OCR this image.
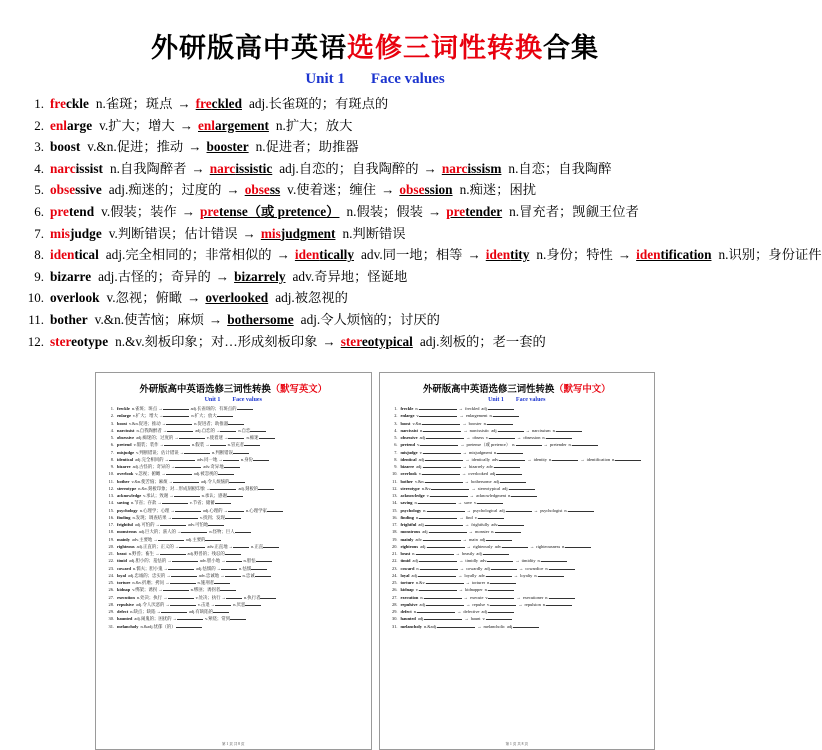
外研版高中英语选修三词性转换合集
Unit 1 Face values
1. freckle n. 雀斑；斑点 → freckled adj. 长雀斑的；有斑点的
2. enlarge v. 扩大；增大 → enlargement n. 扩大；放大
3. boost v.&n. 促进；推动 → booster n. 促进者；助推器
4. narcissist n. 自我陶醉者 → narcissistic adj. 自恋的；自我陶醉的 → narcissism n. 自恋；自我陶醉
5. obsessive adj. 痴迷的；过度的 → obsess v. 使着迷；缠住 → obsession n. 痴迷；困扰
6. pretend v. 假装；装作 → pretense（或 pretence） n. 假装；假装 → pretender n. 冒充者；觊觎王位者
7. misjudge v. 判断错误；估计错误 → misjudgment n. 判断错误
8. identical adj. 完全相同的；非常相似的 → identically adv. 同一地；相等 → identity n. 身份；特性 → identification n. 识别；身份证件
9. bizarre adj. 古怪的；奇异的 → bizarrely adv. 奇异地；怪诞地
10. overlook v. 忽视；俯瞰 → overlooked adj. 被忽视的
11. bother v.&n. 使苦恼；麻烦 → bothersome adj. 令人烦恼的；讨厌的
12. stereotype n.&v. 刻板印象；对…形成刻板印象 → stereotypical adj. 刻板的；老一套的
外研版高中英语选修三词性转换（默写英文）
Unit 1 Face values
1. freckle n.雀斑；斑点 →	adj.长雀斑的；有斑点的
2. enlarge v.扩大；增大 →	n.扩大；放大
3. boost v.&n.促进；推动 →	n.促进者；助推器
4. narcissist n.自我陶醉者 →	adj.自恋的 →	n.自恋
5. obsessive adj.痴迷的；过度的 →	v.使着迷 →	n.痴迷
6. pretend v.假装；装作 →	n.假装 →	n.冒充者
7. misjudge v.判断错误；估计错误 →	n.判断错误
8. identical adj.完全相同的 →	adv.同一地 →	n.身份
9. bizarre adj.古怪的；奇异的 →	adv.奇异地
10. overlook v.忽视；俯瞰 →	adj.被忽视的
11. bother v.&n.使苦恼；麻烦 →	adj.令人烦恼的
12. stereotype n.&v.刻板印象；对…形成刻板印象 →	adj.刻板的
13. acknowledge v.承认；致谢 →	n.承认；感谢
14. saving n.节省；存款 →	v.节省；储蓄
15. psychology n.心理学；心理 →	adj.心理的 →	n.心理学家
16. finding n.发现；调查结果 →	v.找到；发现
17. frightful adj.可怕的 →	adv.可怕地
18. monstrous adj.巨大的；骇人的 →	n.怪物；巨人
19. mainly adv.主要地 →	adj.主要的
20. righteous adj.正直的；正义的 →	adv.正直地 →	n.正直
21. beast n.野兽；畜生 →	adj.野兽的；残忍的
22. timid adj.胆小的；羞怯的 →	adv.胆小地 →	n.胆怯
23. coward n.懦夫；胆小鬼 →	adj.怯懦的 →	n.怯懦
24. loyal adj.忠诚的；忠实的 →	adv.忠诚地 →	n.忠诚
25. torture n.&v.折磨；拷问 →	n.施刑者
26. kidnap v.绑架；诱拐 →	n.绑匪；诱拐者
27. execution n.处决；执行 →	v.处决；执行 →	n.执行者
28. repulsive adj.令人厌恶的 →	v.击退 →	n.厌恶
29. defect n.缺点；缺陷 →	adj.有缺陷的
30. haunted adj.闹鬼的；困扰的 →	v.萦绕；常到
31. melancholy n.&adj.忧郁（的）
第 1 页 共 8 页
外研版高中英语选修三词性转换（默写中文）
Unit 1 Face values
1. freckle n.	→ freckled adj.
2. enlarge v.	→ enlargement n.
3. boost v.&n.	→ booster n.
4. narcissist n.	→ narcissistic adj.	→ narcissism n.
5. obsessive adj.	→ obsess v.	→ obsession n.
6. pretend v.	→ pretense（或 pretence） n.	→ pretender n.
7. misjudge v.	→ misjudgment n.
8. identical adj.	→ identically adv.	→ identity n.	→ identification n.
9. bizarre adj.	→ bizarrely adv.
10. overlook v.	→ overlooked adj.
11. bother v.&n.	→ bothersome adj.
12. stereotype n.&v.	→ stereotypical adj.
13. acknowledge v.	→ acknowledgment n.
14. saving n.	→ save v.
15. psychology n.	→ psychological adj.	→ psychologist n.
16. finding n.	→ find v.
17. frightful adj.	→ frightfully adv.
18. monstrous adj.	→ monster n.
19. mainly adv.	→ main adj.
20. righteous adj.	→ righteously adv.	→ righteousness n.
21. beast n.	→ beastly adj.
22. timid adj.	→ timidly adv.	→ timidity n.
23. coward n.	→ cowardly adj.	→ cowardice n.
24. loyal adj.	→ loyally adv.	→ loyalty n.
25. torture n.&v.	→ torturer n.
26. kidnap v.	→ kidnapper n.
27. execution n.	→ execute v.	→ executioner n.
28. repulsive adj.	→ repulse v.	→ repulsion n.
29. defect n.	→ defective adj.
30. haunted adj.	→ haunt v.
31. melancholy n.&adj.	→ melancholic adj.
第 1 页 共 8 页
